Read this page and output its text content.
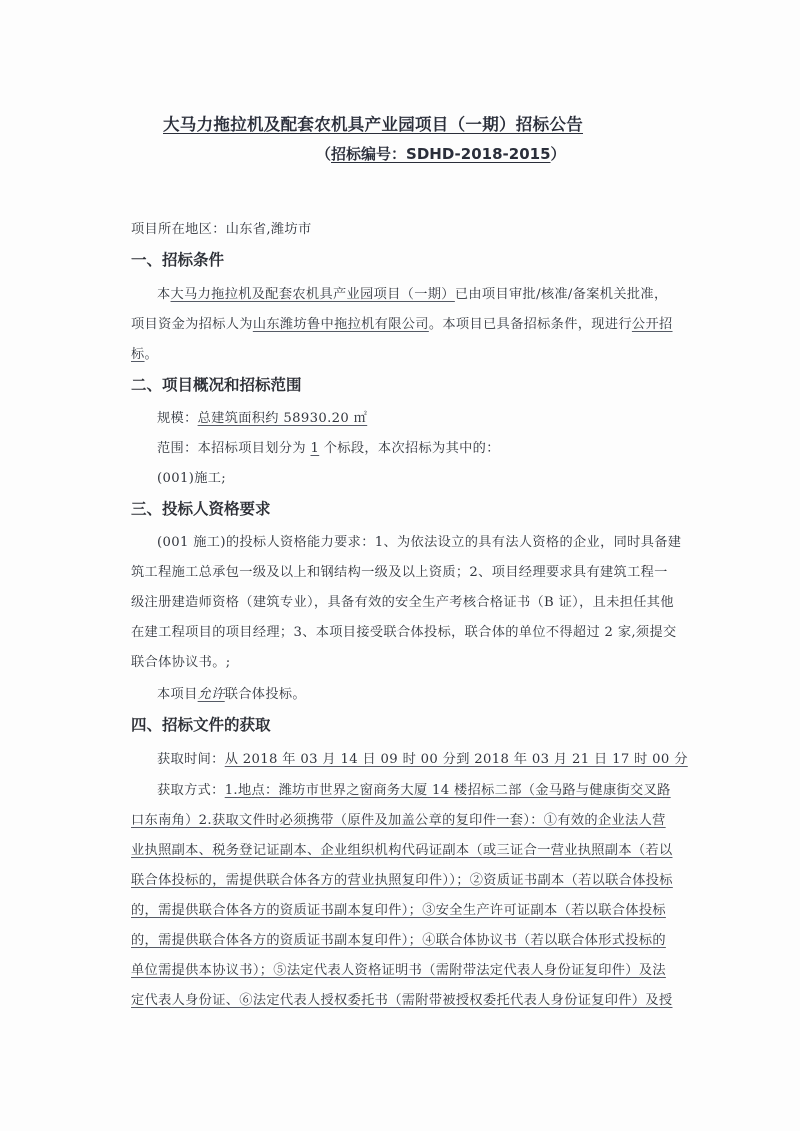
大马力拖拉机及配套农机具产业园项目（一期）招标公告
（招标编号：SDHD-2018-2015）
项目所在地区：山东省,潍坊市
一、招标条件
本大马力拖拉机及配套农机具产业园项目（一期）已由项目审批/核准/备案机关批准，
项目资金为招标人为山东潍坊鲁中拖拉机有限公司。本项目已具备招标条件，现进行公开招
标。
二、项目概况和招标范围
规模：总建筑面积约 58930.20 ㎡
范围：本招标项目划分为 1 个标段，本次招标为其中的：
(001)施工;
三、投标人资格要求
(001 施工)的投标人资格能力要求：1、为依法设立的具有法人资格的企业，同时具备建
筑工程施工总承包一级及以上和钢结构一级及以上资质；2、项目经理要求具有建筑工程一
级注册建造师资格（建筑专业），具备有效的安全生产考核合格证书（B 证），且未担任其他
在建工程项目的项目经理；3、本项目接受联合体投标，联合体的单位不得超过 2 家,须提交
联合体协议书。;
本项目允许联合体投标。
四、招标文件的获取
获取时间：从 2018 年 03 月 14 日 09 时 00 分到 2018 年 03 月 21 日 17 时 00 分
获取方式：1.地点：潍坊市世界之窗商务大厦 14 楼招标二部（金马路与健康街交叉路
口东南角）2.获取文件时必须携带（原件及加盖公章的复印件一套）：①有效的企业法人营
业执照副本、税务登记证副本、企业组织机构代码证副本（或三证合一营业执照副本（若以
联合体投标的，需提供联合体各方的营业执照复印件））；②资质证书副本（若以联合体投标
的，需提供联合体各方的资质证书副本复印件）；③安全生产许可证副本（若以联合体投标
的，需提供联合体各方的资质证书副本复印件）；④联合体协议书（若以联合体形式投标的
单位需提供本协议书）；⑤法定代表人资格证明书（需附带法定代表人身份证复印件）及法
定代表人身份证、⑥法定代表人授权委托书（需附带被授权委托代表人身份证复印件）及授
